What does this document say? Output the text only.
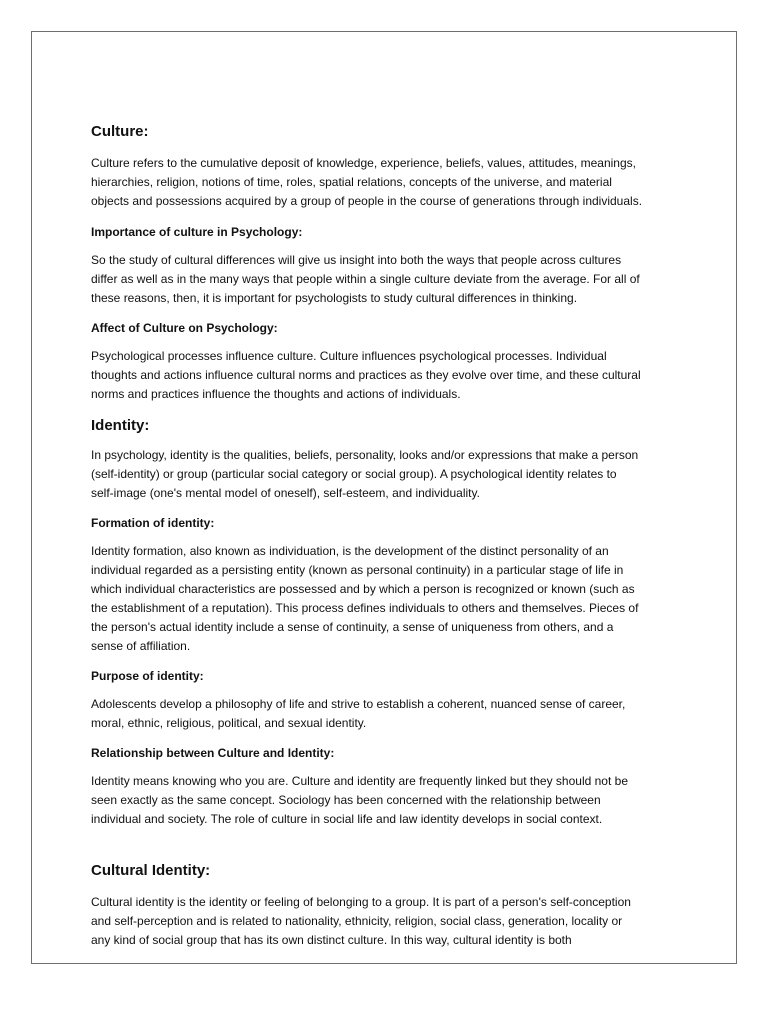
Culture:
Culture refers to the cumulative deposit of knowledge, experience, beliefs, values, attitudes, meanings,
hierarchies, religion, notions of time, roles, spatial relations, concepts of the universe, and material
objects and possessions acquired by a group of people in the course of generations through individuals.
Importance of culture in Psychology:
So the study of cultural differences will give us insight into both the ways that people across cultures
differ as well as in the many ways that people within a single culture deviate from the average. For all of
these reasons, then, it is important for psychologists to study cultural differences in thinking.
Affect of Culture on Psychology:
Psychological processes influence culture. Culture influences psychological processes. Individual
thoughts and actions influence cultural norms and practices as they evolve over time, and these cultural
norms and practices influence the thoughts and actions of individuals.
Identity:
In psychology, identity is the qualities, beliefs, personality, looks and/or expressions that make a person
(self-identity) or group (particular social category or social group). A psychological identity relates to
self-image (one's mental model of oneself), self-esteem, and individuality.
Formation of identity:
Identity formation, also known as individuation, is the development of the distinct personality of an
individual regarded as a persisting entity (known as personal continuity) in a particular stage of life in
which individual characteristics are possessed and by which a person is recognized or known (such as
the establishment of a reputation). This process defines individuals to others and themselves. Pieces of
the person's actual identity include a sense of continuity, a sense of uniqueness from others, and a
sense of affiliation.
Purpose of identity:
Adolescents develop a philosophy of life and strive to establish a coherent, nuanced sense of career,
moral, ethnic, religious, political, and sexual identity.
Relationship between Culture and Identity:
Identity means knowing who you are. Culture and identity are frequently linked but they should not be
seen exactly as the same concept. Sociology has been concerned with the relationship between
individual and society. The role of culture in social life and law identity develops in social context.
Cultural Identity:
Cultural identity is the identity or feeling of belonging to a group. It is part of a person's self-conception
and self-perception and is related to nationality, ethnicity, religion, social class, generation, locality or
any kind of social group that has its own distinct culture. In this way, cultural identity is both
